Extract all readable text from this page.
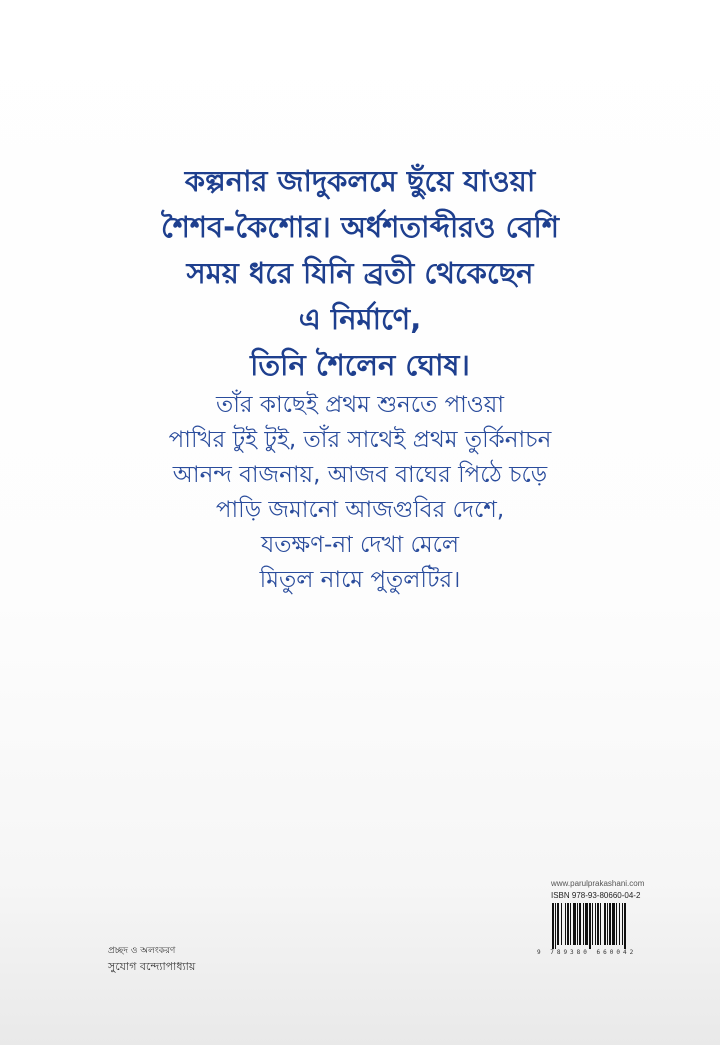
কল্পনার জাদুকলমে ছুঁয়ে যাওয়া
শৈশব-কৈশোর। অর্ধশতাব্দীরও বেশি
সময় ধরে যিনি ব্রতী থেকেছেন
এ নির্মাণে,
তিনি শৈলেন ঘোষ।
তাঁর কাছেই প্রথম শুনতে পাওয়া
পাখির টুই টুই, তাঁর সাথেই প্রথম তুর্কিনাচন
আনন্দ বাজনায়, আজব বাঘের পিঠে চড়ে
পাড়ি জমানো আজগুবির দেশে,
যতক্ষণ-না দেখা মেলে
মিতুল নামে পুতুলটির।
www.parulprakashani.com
ISBN 978-93-80660-04-2
9 789380 660042
প্রচ্ছদ ও অলংকরণ
সুযোগ বন্দ্যোপাধ্যায়
